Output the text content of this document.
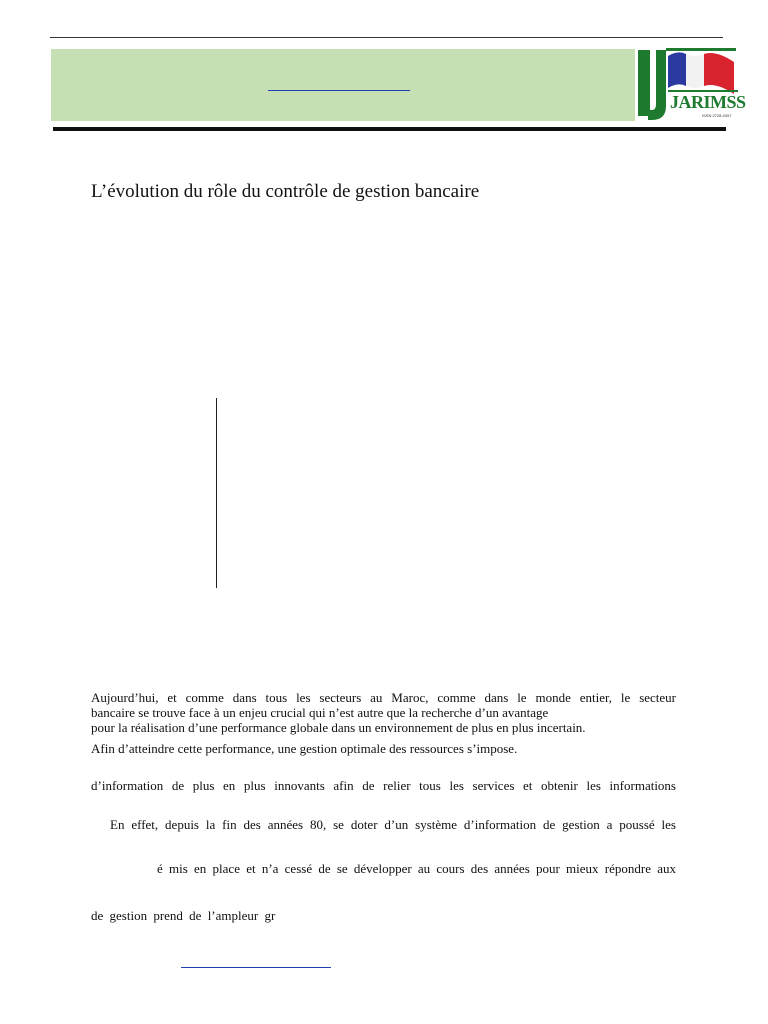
JARIMSS
ISSN 2728-0397
L’évolution du rôle du contrôle de gestion bancaire
Aujourd’hui, et comme dans tous les secteurs au Maroc, comme dans le monde entier, le secteur
bancaire se trouve face à un enjeu crucial qui n’est autre que la recherche d’un avantage
pour la réalisation d’une performance globale dans un environnement de plus en plus incertain.
Afin d’atteindre cette performance, une gestion optimale des ressources s’impose.
d’information de plus en plus innovants afin de relier tous les services et obtenir les informations
En effet, depuis la fin des années 80, se doter d’un système d’information de gestion a poussé les
é mis en place et n’a cessé de se développer au cours des années pour mieux répondre aux
de gestion prend de l’ampleur gr
